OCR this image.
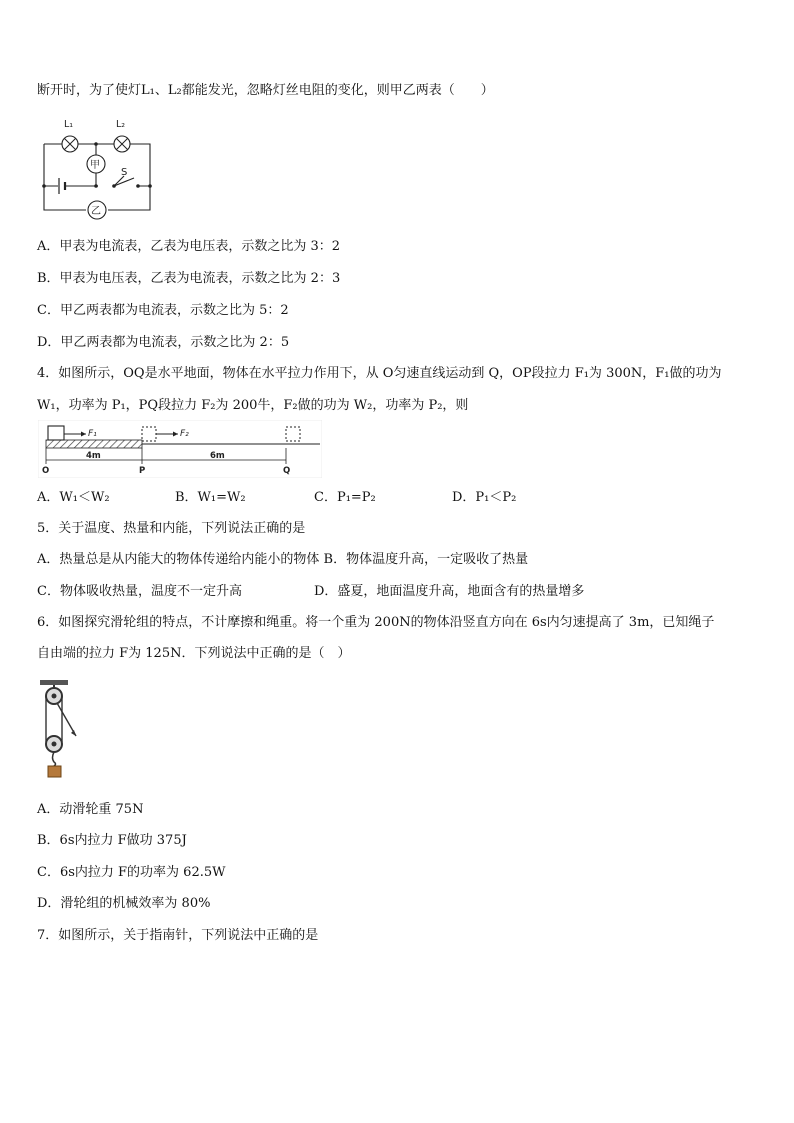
断开时，为了使灯L₁、L₂都能发光，忽略灯丝电阻的变化，则甲乙两表（　　）
L₁	L₂
甲
S
乙
A．甲表为电流表，乙表为电压表，示数之比为 3：2
B．甲表为电压表，乙表为电流表，示数之比为 2：3
C．甲乙两表都为电流表，示数之比为 5：2
D．甲乙两表都为电流表，示数之比为 2：5
4．如图所示，OQ是水平地面，物体在水平拉力作用下，从 O匀速直线运动到 Q，OP段拉力 F₁为 300N，F₁做的功为
W₁，功率为 P₁，PQ段拉力 F₂为 200牛，F₂做的功为 W₂，功率为 P₂，则
F₁	F₂
4m	6m
O	P	Q
A．W₁＜W₂	B．W₁=W₂	C．P₁=P₂	D．P₁＜P₂
5．关于温度、热量和内能，下列说法正确的是
A．热量总是从内能大的物体传递给内能小的物体 B．物体温度升高，一定吸收了热量
C．物体吸收热量，温度不一定升高	D．盛夏，地面温度升高，地面含有的热量增多
6．如图探究滑轮组的特点，不计摩擦和绳重。将一个重为 200N的物体沿竖直方向在 6s内匀速提高了 3m，已知绳子
自由端的拉力 F为 125N．下列说法中正确的是（　）
A．动滑轮重 75N
B．6s内拉力 F做功 375J
C．6s内拉力 F的功率为 62.5W
D．滑轮组的机械效率为 80%
7．如图所示，关于指南针，下列说法中正确的是
